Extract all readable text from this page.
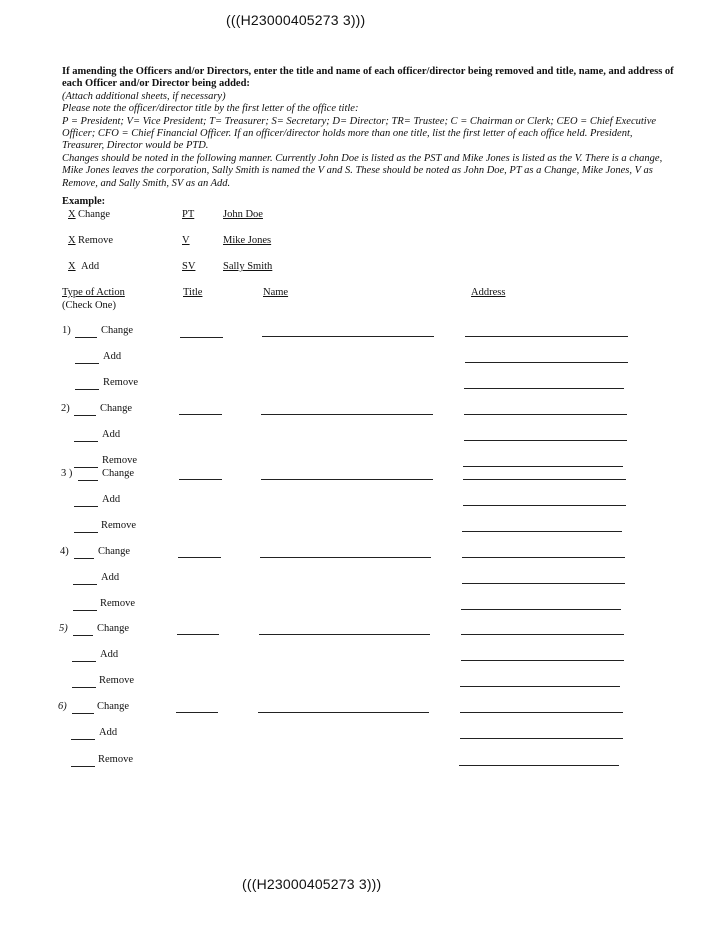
(((H23000405273 3)))
If amending the Officers and/or Directors, enter the title and name of each officer/director being removed and title, name, and address of each Officer and/or Director being added:
(Attach additional sheets, if necessary)
Please note the officer/director title by the first letter of the office title:
P = President; V= Vice President; T= Treasurer; S= Secretary; D= Director; TR= Trustee; C = Chairman or Clerk; CEO = Chief Executive Officer; CFO = Chief Financial Officer. If an officer/director holds more than one title, list the first letter of each office held. President, Treasurer, Director would be PTD.
Changes should be noted in the following manner. Currently John Doe is listed as the PST and Mike Jones is listed as the V. There is a change, Mike Jones leaves the corporation, Sally Smith is named the V and S. These should be noted as John Doe, PT as a Change, Mike Jones, V as Remove, and Sally Smith, SV as an Add.
Example:
X Change	PT	John Doe
X Remove	V	Mike Jones
X Add	SV	Sally Smith
Type of Action
(Check One)
Title	Name	Address
1)	Change
Add
Remove
2)	Change
Add
Remove
3 )	Change
Add
Remove
4)	Change
Add
Remove
5)	Change
Add
Remove
6)	Change
Add
Remove
(((H23000405273 3)))
